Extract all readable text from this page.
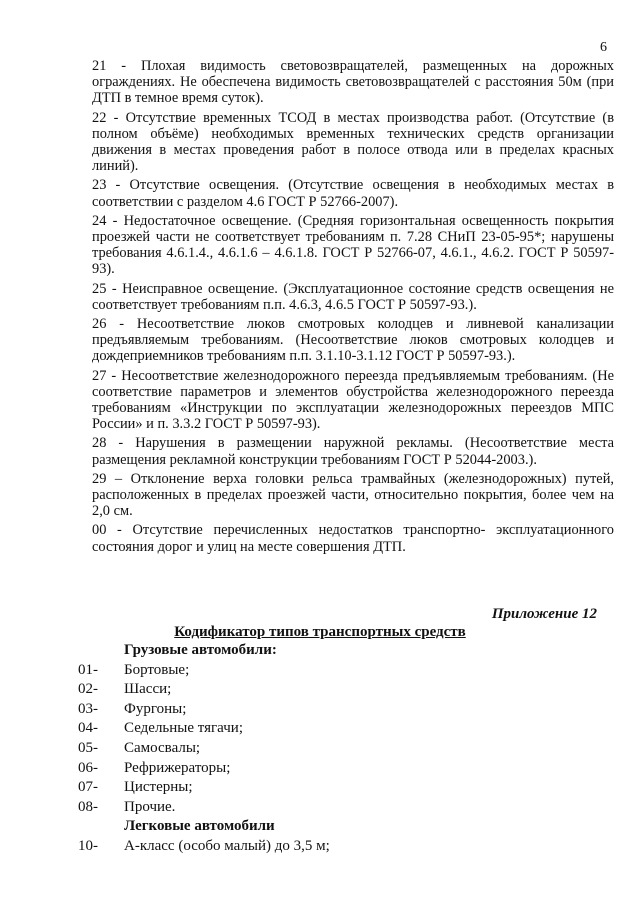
6

21 - Плохая видимость световозвращателей, размещенных на дорожных ограждениях. Не обеспечена видимость световозвращателей с расстояния 50м (при ДТП в темное время суток).

22 - Отсутствие временных ТСОД в местах производства работ. (Отсутствие (в полном объёме) необходимых временных технических средств организации движения в местах проведения работ в полосе отвода или в пределах красных линий).

23 - Отсутствие освещения. (Отсутствие освещения в необходимых местах в соответствии с разделом 4.6 ГОСТ Р 52766-2007).

24 - Недостаточное освещение. (Средняя горизонтальная освещенность покрытия проезжей части не соответствует требованиям п. 7.28 СНиП 23-05-95*; нарушены требования 4.6.1.4., 4.6.1.6 – 4.6.1.8. ГОСТ Р 52766-07, 4.6.1., 4.6.2. ГОСТ Р 50597-93).

25 - Неисправное освещение. (Эксплуатационное состояние средств освещения не соответствует требованиям п.п. 4.6.3, 4.6.5 ГОСТ Р 50597-93.).

26 - Несоответствие люков смотровых колодцев и ливневой канализации предъявляемым требованиям. (Несоответствие люков смотровых колодцев и дождеприемников требованиям п.п. 3.1.10-3.1.12 ГОСТ Р 50597-93.).

27 - Несоответствие железнодорожного переезда предъявляемым требованиям. (Не соответствие параметров и элементов обустройства железнодорожного переезда требованиям «Инструкции по эксплуатации железнодорожных переездов МПС России» и п. 3.3.2 ГОСТ Р 50597-93).

28 - Нарушения в размещении наружной рекламы. (Несоответствие места размещения рекламной конструкции требованиям ГОСТ Р 52044-2003.).

29 – Отклонение верха головки рельса трамвайных (железнодорожных) путей, расположенных в пределах проезжей части, относительно покрытия, более чем на 2,0 см.

00 - Отсутствие перечисленных недостатков транспортно- эксплуатационного состояния дорог и улиц на месте совершения ДТП.

Приложение 12
Кодификатор типов транспортных средств
Грузовые автомобили:
01-	Бортовые;
02-	Шасси;
03-	Фургоны;
04-	Седельные тягачи;
05-	Самосвалы;
06-	Рефрижераторы;
07-	Цистерны;
08-	Прочие.
Легковые автомобили
10-	А-класс (особо малый) до 3,5 м;
